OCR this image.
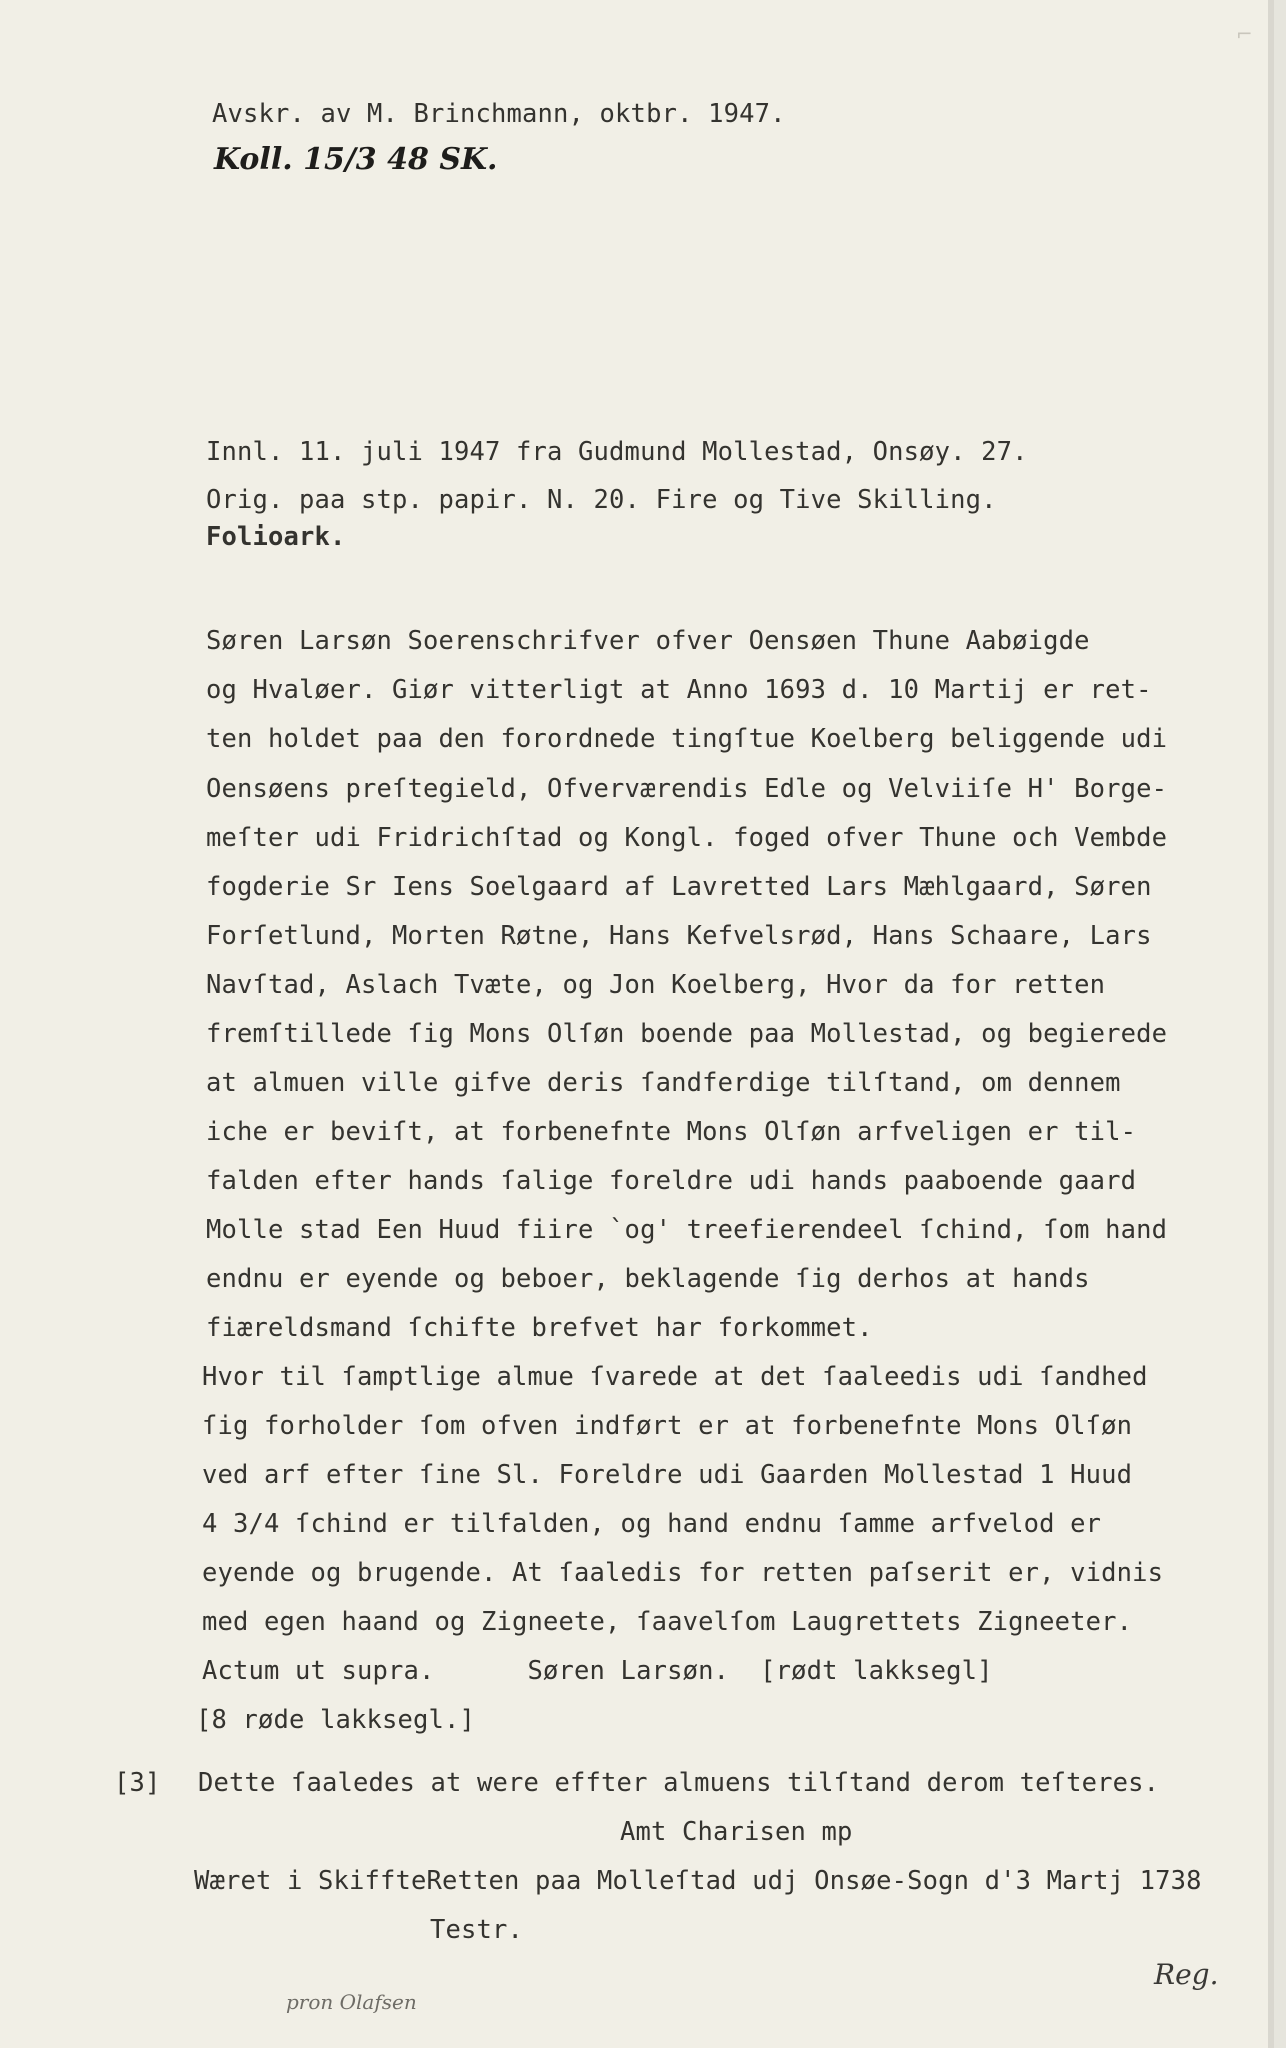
Avskr. av M. Brinchmann, oktbr. 1947.
Koll. 15/3 48 SK.
Innl. 11. juli 1947 fra Gudmund Mollestad, Onsøy. 27.
Orig. paa stp. papir. N. 20. Fire og Tive Skilling.
Folioark.
Søren Larsøn Soerenschrifver ofver Oensøen Thune Aabøigde
og Hvaløer. Giør vitterligt at Anno 1693 d. 10 Martij er ret-
ten holdet paa den forordnede tingſtue Koelberg beliggende udi
Oensøens preſtegield, Ofverværendis Edle og Velviiſe H' Borge-
meſter udi Fridrichſtad og Kongl. foged ofver Thune och Vembde
fogderie Sr Iens Soelgaard af Lavretted Lars Mæhlgaard, Søren
Forſetlund, Morten Røtne, Hans Kefvelsrød, Hans Schaare, Lars
Navſtad, Aslach Tvæte, og Jon Koelberg, Hvor da for retten
fremſtillede ſig Mons Olſøn boende paa Mollestad, og begierede
at almuen ville gifve deris ſandferdige tilſtand, om dennem
iche er beviſt, at forbenefnte Mons Olſøn arfveligen er til-
falden efter hands ſalige foreldre udi hands paaboende gaard
Molle stad Een Huud fiire `og' treefierendeel ſchind, ſom hand
endnu er eyende og beboer, beklagende ſig derhos at hands
fiæreldsmand ſchifte brefvet har forkommet.
Hvor til ſamptlige almue ſvarede at det ſaaleedis udi ſandhed
ſig forholder ſom ofven indført er at forbenefnte Mons Olſøn
ved arf efter ſine Sl. Foreldre udi Gaarden Mollestad 1 Huud
4 3/4 ſchind er tilfalden, og hand endnu ſamme arfvelod er
eyende og brugende. At ſaaledis for retten paſserit er, vidnis
med egen haand og Zigneete, ſaavelſom Laugrettets Zigneeter.
Actum ut supra.      Søren Larsøn.  [rødt lakksegl]
[8 røde lakksegl.]
[3] Dette ſaaledes at were effter almuens tilſtand derom teſteres.
Amt Charisen mp
Wæret i SkiffteRetten paa Molleſtad udj Onsøe-Sogn d'3 Martj 1738
Testr.
pron Olafsen
Reg.
⌐
